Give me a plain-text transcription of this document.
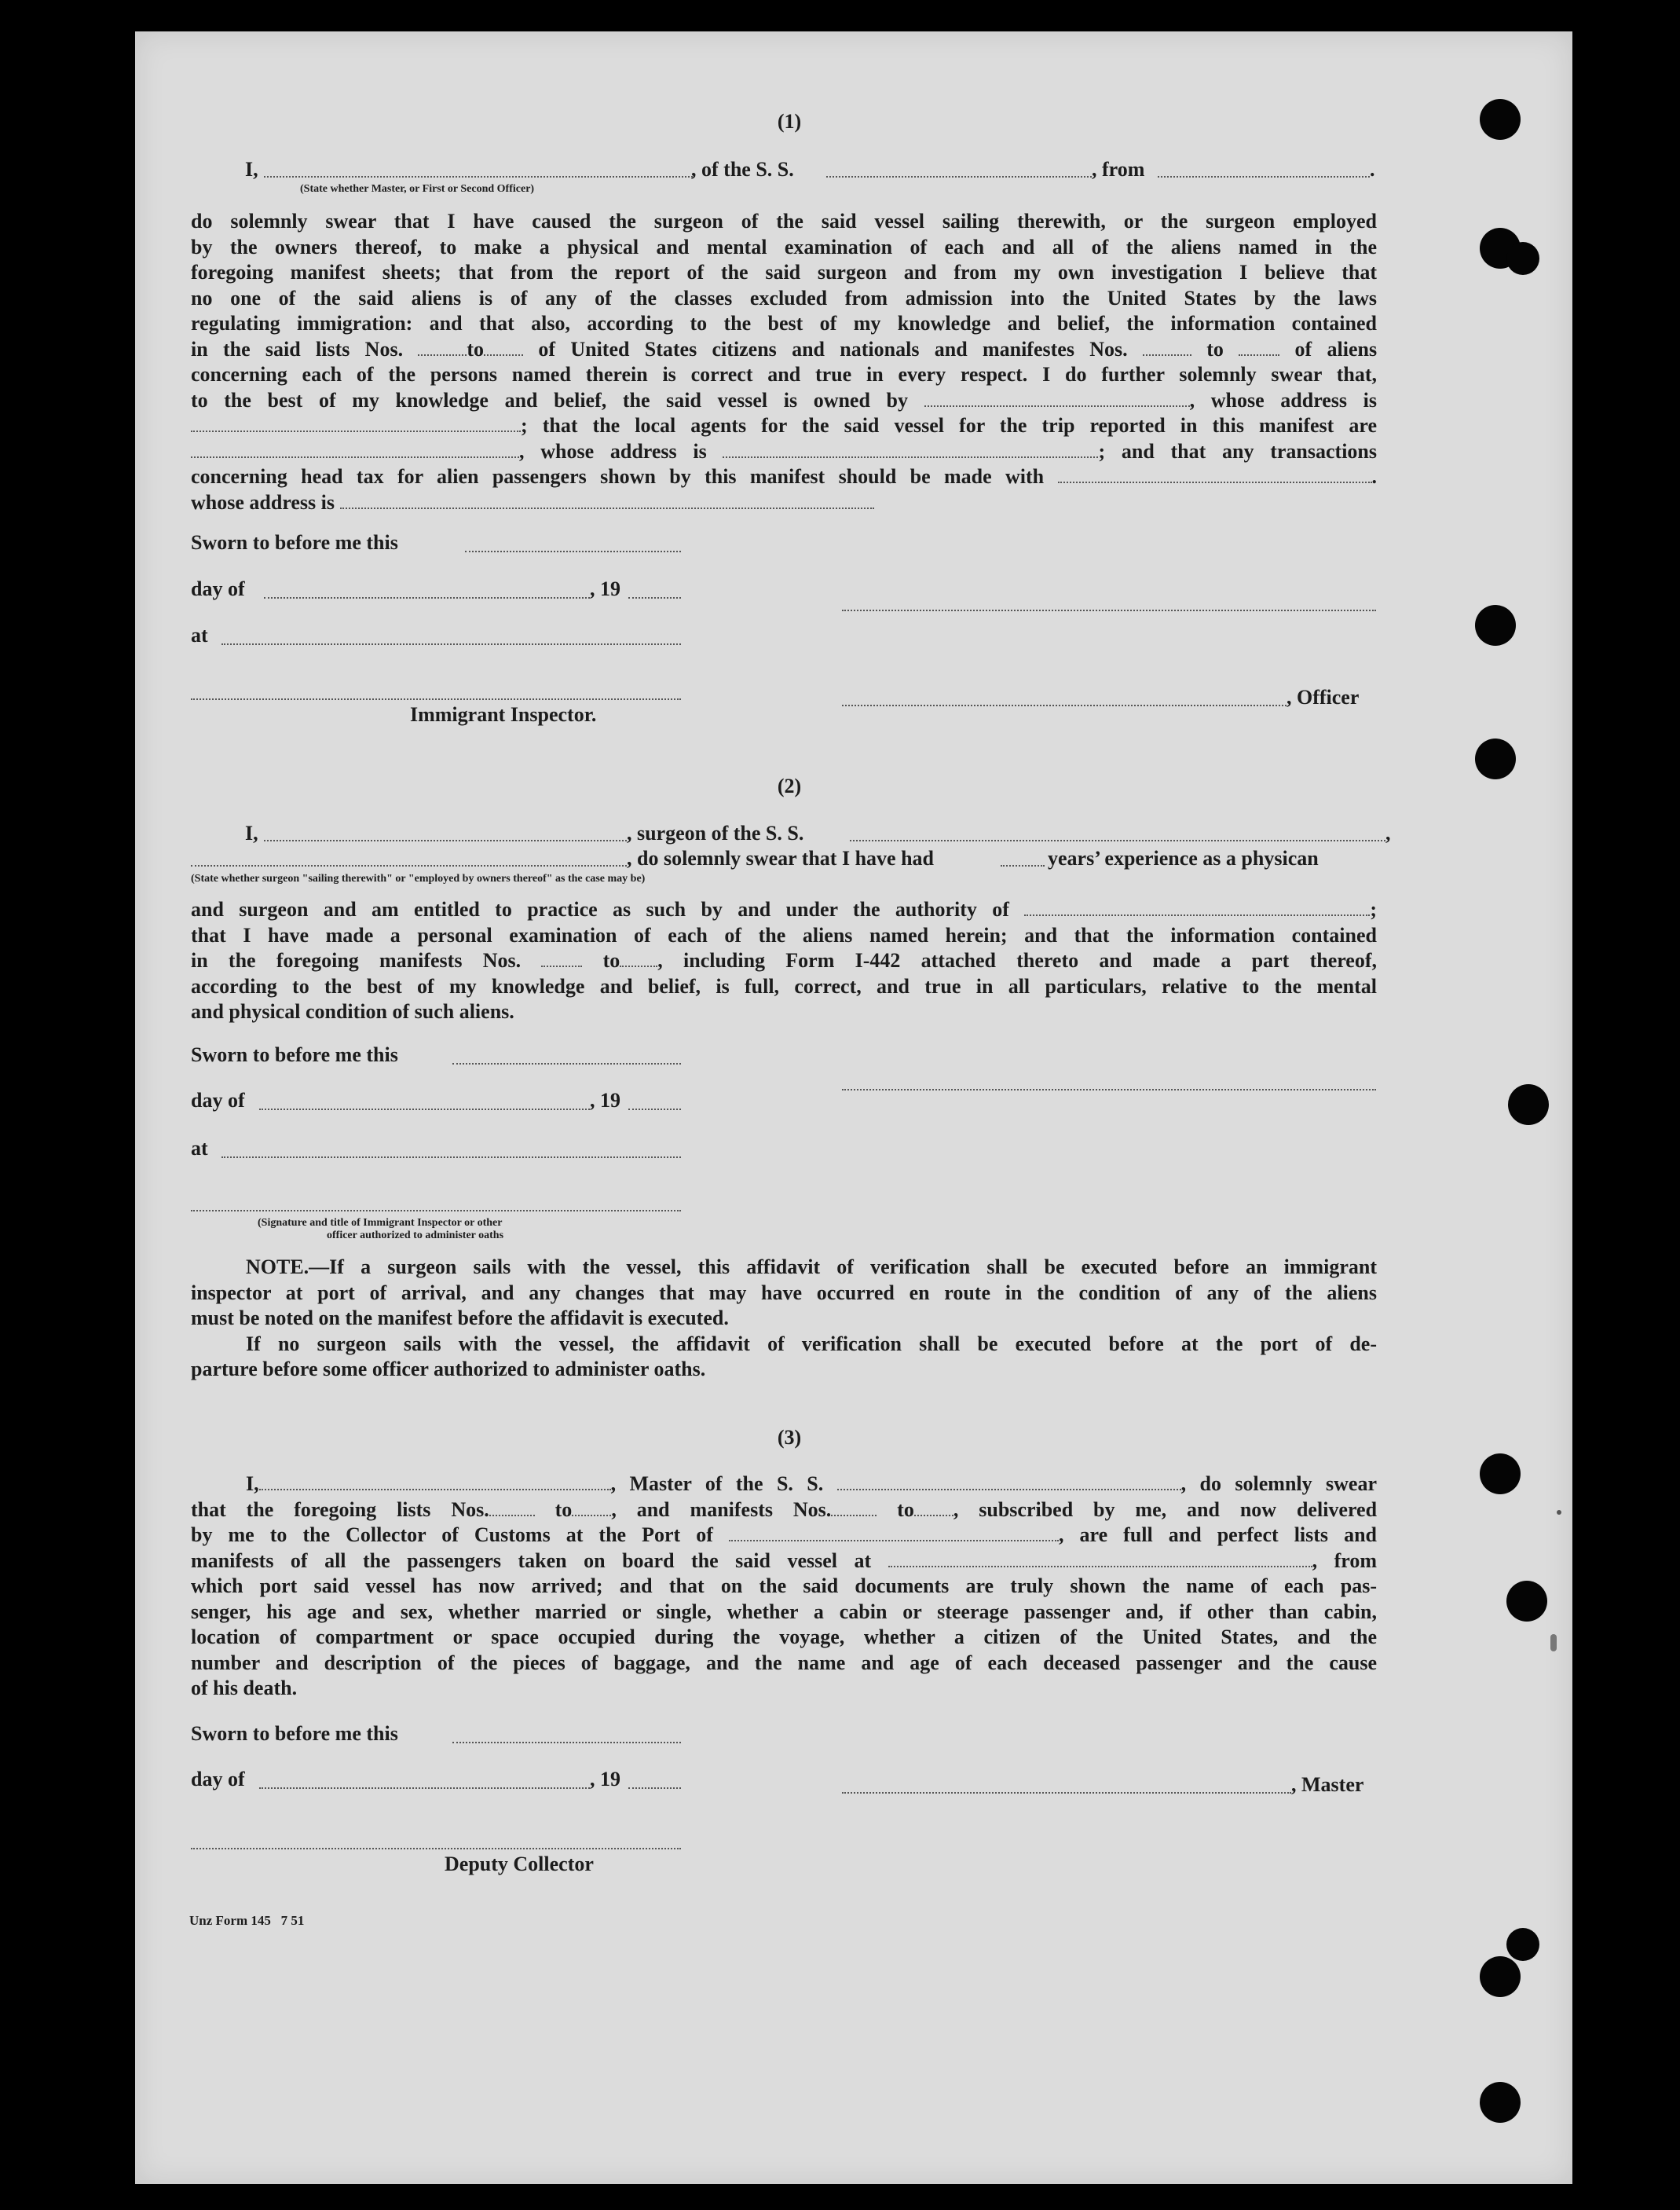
(1)
I,	, of the S. S.	, from	.
(State whether Master, or First or Second Officer)
do solemnly swear that I have caused the surgeon of the said vessel sailing therewith, or the surgeon employed
by the owners thereof, to make a physical and mental examination of each and all of the aliens named in the
foregoing manifest sheets; that from the report of the said surgeon and from my own investigation I believe that
no one of the said aliens is of any of the classes excluded from admission into the United States by the laws
regulating immigration: and that also, according to the best of my knowledge and belief, the information contained
in the said lists Nos.	to	of United States citizens and nationals and manifestes Nos.	to	of aliens
concerning each of the persons named therein is correct and true in every respect. I do further solemnly swear that,
to the best of my knowledge and belief, the said vessel is owned by	, whose address is
; that the local agents for the said vessel for the trip reported in this manifest are
, whose address is	; and that any transactions
concerning head tax for alien passengers shown by this manifest should be made with	.
whose address is
Sworn to before me this
day of	, 19
at
, Officer
Immigrant Inspector.
(2)
I,	, surgeon of the S. S.	,
, do solemnly swear that I have had	years’ experience as a physican
(State whether surgeon "sailing therewith" or "employed by owners thereof" as the case may be)
and surgeon and am entitled to practice as such by and under the authority of	;
that I have made a personal examination of each of the aliens named herein; and that the information contained
in the foregoing manifests Nos.	to , including Form I-442 attached thereto and made a part thereof,
according to the best of my knowledge and belief, is full, correct, and true in all particulars, relative to the mental
and physical condition of such aliens.
Sworn to before me this
day of	, 19
at
(Signature and title of Immigrant Inspector or other
officer authorized to administer oaths
NOTE.—If a surgeon sails with the vessel, this affidavit of verification shall be executed before an immigrant
inspector at port of arrival, and any changes that may have occurred en route in the condition of any of the aliens
must be noted on the manifest before the affidavit is executed.
If no surgeon sails with the vessel, the affidavit of verification shall be executed before at the port of de-
parture before some officer authorized to administer oaths.
(3)
I,	, Master of the S. S.	, do solemnly swear
that the foregoing lists Nos.	to , and manifests Nos.	to , subscribed by me, and now delivered
by me to the Collector of Customs at the Port of	, are full and perfect lists and
manifests of all the passengers taken on board the said vessel at	, from
which port said vessel has now arrived; and that on the said documents are truly shown the name of each pas-
senger, his age and sex, whether married or single, whether a cabin or steerage passenger and, if other than cabin,
location of compartment or space occupied during the voyage, whether a citizen of the United States, and the
number and description of the pieces of baggage, and the name and age of each deceased passenger and the cause
of his death.
Sworn to before me this
day of	, 19	, Master
Deputy Collector
Unz Form 145   7 51
